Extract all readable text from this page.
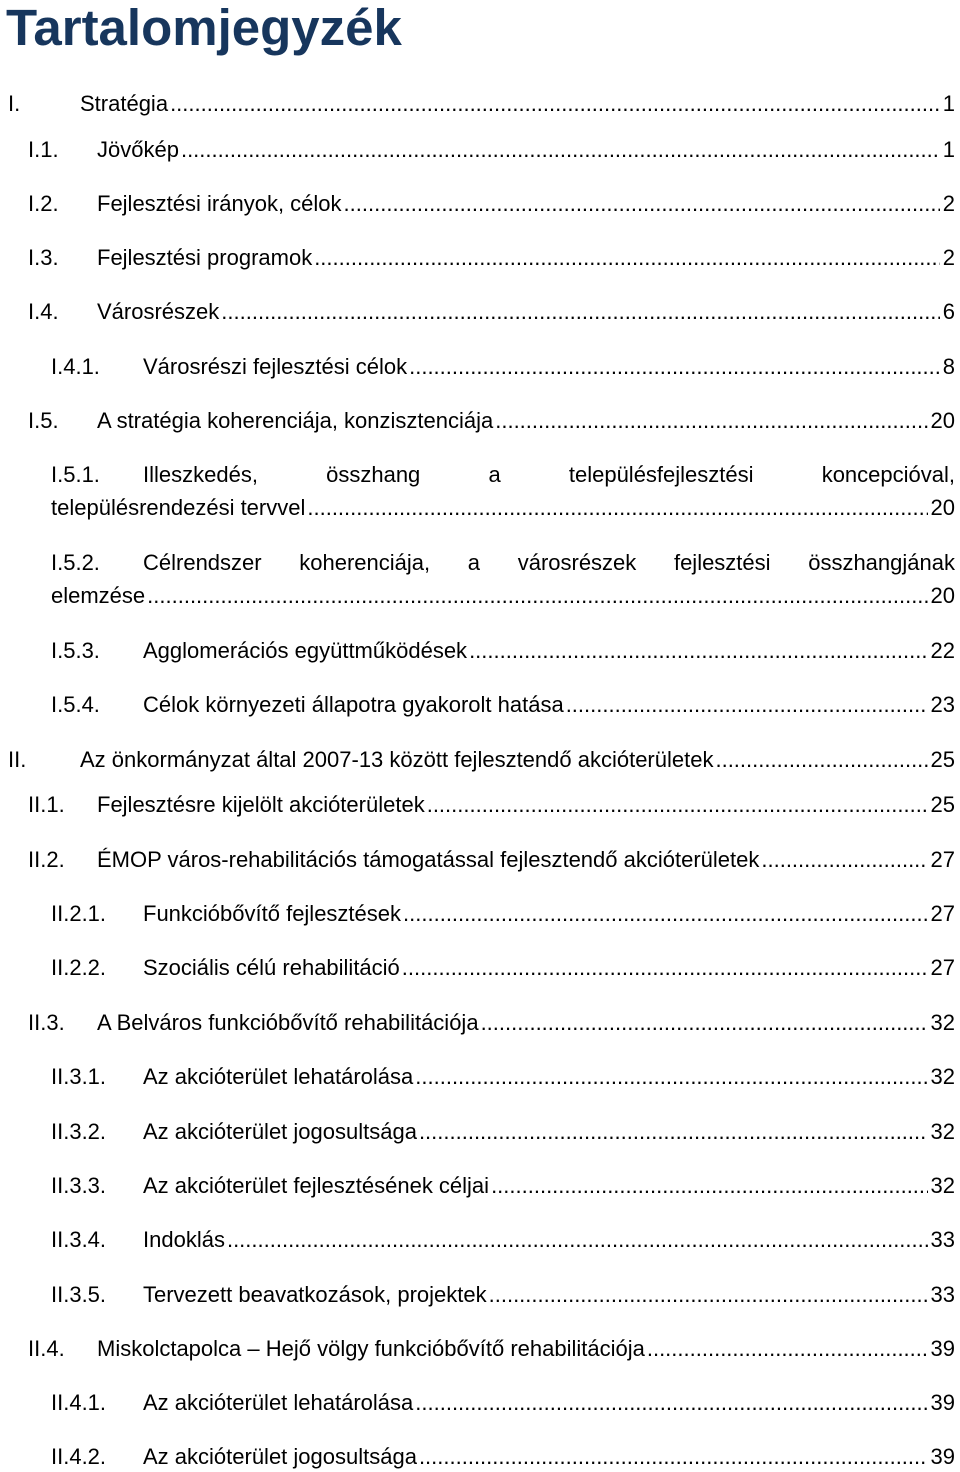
Tartalomjegyzék
I.	Stratégia .....	1
I.1.	Jövőkép .....	1
I.2.	Fejlesztési irányok, célok .....	2
I.3.	Fejlesztési programok .....	2
I.4.	Városrészek .....	6
I.4.1.	Városrészi fejlesztési célok .....	8
I.5.	A stratégia koherenciája, konzisztenciája .....	20
I.5.1.	Illeszkedés,	összhang	a	településfejlesztési	koncepcióval,
településrendezési tervvel .....	20
I.5.2.	Célrendszer koherenciája, a városrészek fejlesztési összhangjának
elemzése .....	20
I.5.3.	Agglomerációs együttműködések .....	22
I.5.4.	Célok környezeti állapotra gyakorolt hatása .....	23
II.	Az önkormányzat által 2007-13 között fejlesztendő akcióterületek .....	25
II.1.	Fejlesztésre kijelölt akcióterületek .....	25
II.2.	ÉMOP város-rehabilitációs támogatással fejlesztendő akcióterületek .....	27
II.2.1.	Funkcióbővítő fejlesztések .....	27
II.2.2.	Szociális célú rehabilitáció .....	27
II.3.	A Belváros funkcióbővítő rehabilitációja .....	32
II.3.1.	Az akcióterület lehatárolása .....	32
II.3.2.	Az akcióterület jogosultsága .....	32
II.3.3.	Az akcióterület fejlesztésének céljai .....	32
II.3.4.	Indoklás .....	33
II.3.5.	Tervezett beavatkozások, projektek .....	33
II.4.	Miskolctapolca – Hejő völgy funkcióbővítő rehabilitációja .....	39
II.4.1.	Az akcióterület lehatárolása .....	39
II.4.2.	Az akcióterület jogosultsága .....	39
